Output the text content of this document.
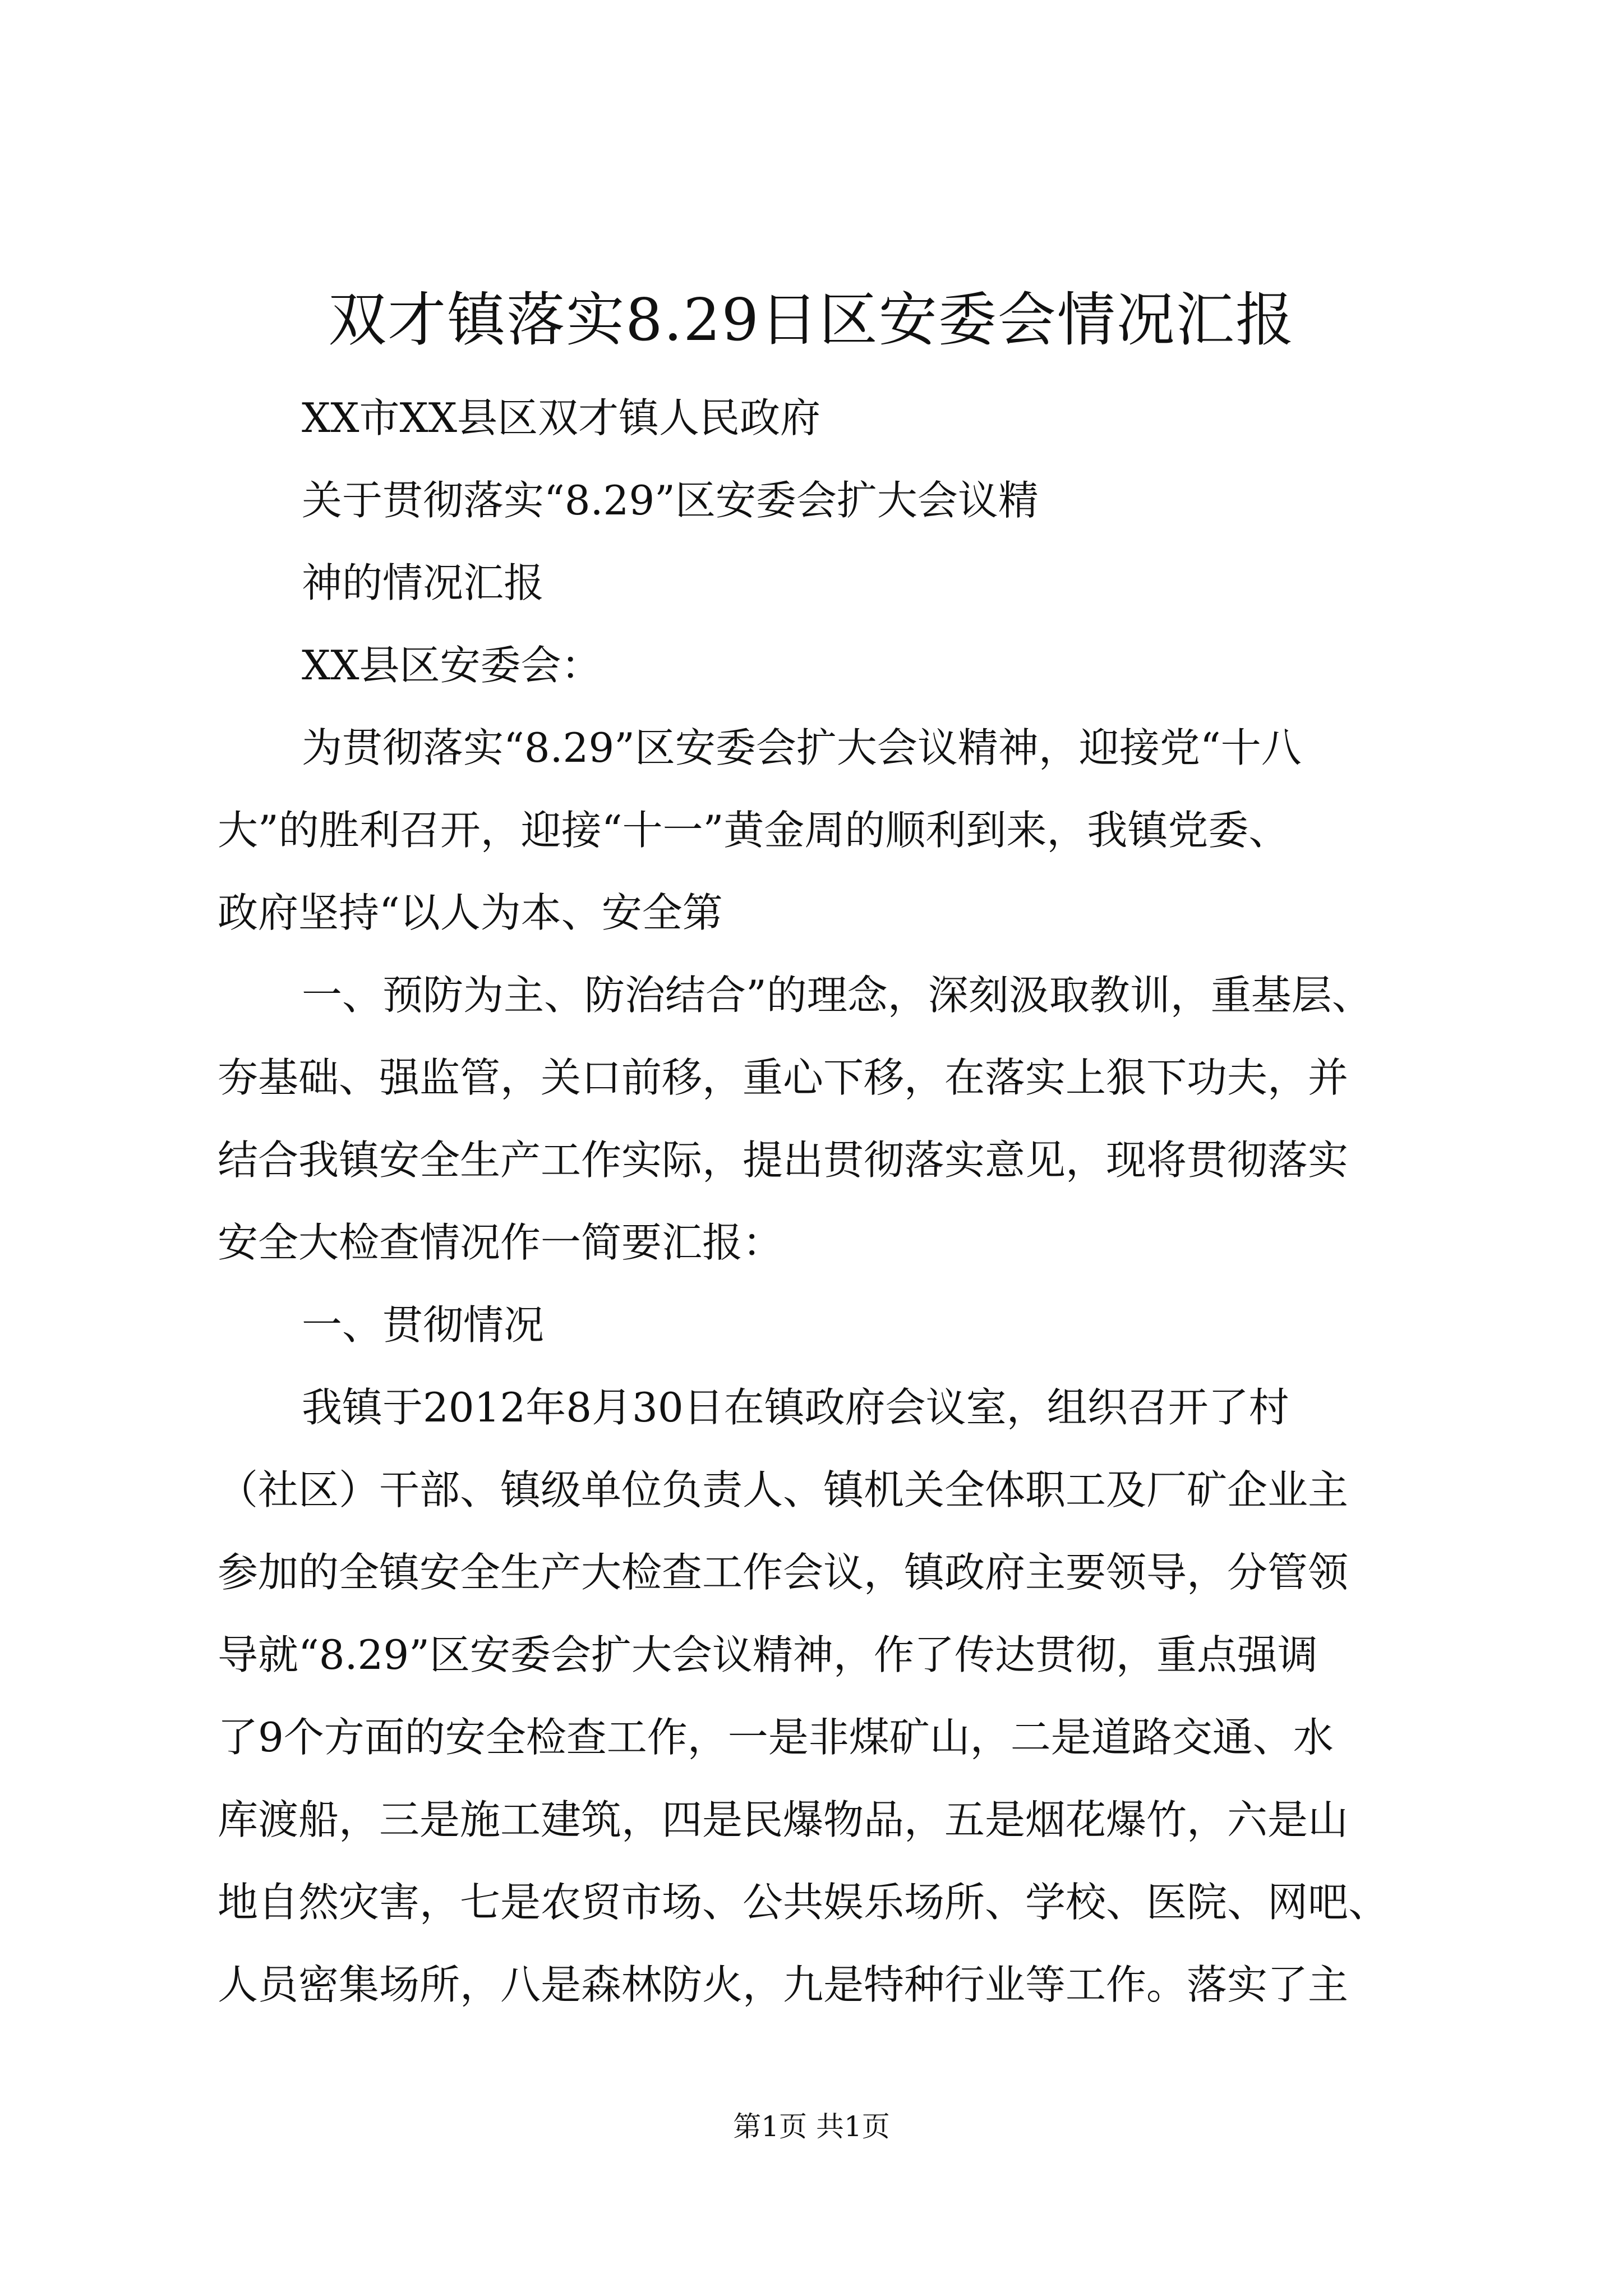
双才镇落实8.29日区安委会情况汇报
XX市XX县区双才镇人民政府
关于贯彻落实“8.29”区安委会扩大会议精
神的情况汇报
XX县区安委会：
为贯彻落实“8.29”区安委会扩大会议精神，迎接党“十八
大”的胜利召开，迎接“十一”黄金周的顺利到来，我镇党委、
政府坚持“以人为本、安全第
一、预防为主、防治结合”的理念，深刻汲取教训，重基层、
夯基础、强监管，关口前移，重心下移，在落实上狠下功夫，并
结合我镇安全生产工作实际，提出贯彻落实意见，现将贯彻落实
安全大检查情况作一简要汇报：
一、贯彻情况
我镇于2012年8月30日在镇政府会议室，组织召开了村
（社区）干部、镇级单位负责人、镇机关全体职工及厂矿企业主
参加的全镇安全生产大检查工作会议，镇政府主要领导，分管领
导就“8.29”区安委会扩大会议精神，作了传达贯彻，重点强调
了9个方面的安全检查工作，一是非煤矿山，二是道路交通、水
库渡船，三是施工建筑，四是民爆物品，五是烟花爆竹，六是山
地自然灾害，七是农贸市场、公共娱乐场所、学校、医院、网吧、
人员密集场所，八是森林防火，九是特种行业等工作。落实了主
第1页 共1页
